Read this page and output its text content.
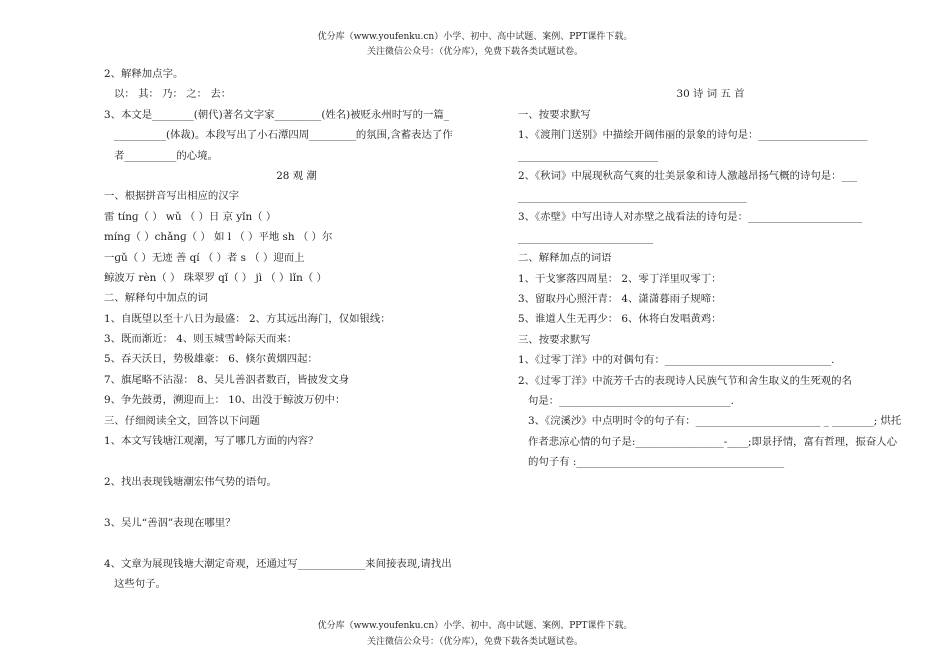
优分库（www.youfenku.cn）小学、初中、高中试题、案例、PPT课件下载。
关注微信公众号：（优分库），免费下载各类试题试卷。
2、解释加点字。
以： 其： 乃： 之： 去：
3、本文是________(朝代)著名文字家_________(姓名)被贬永州时写的一篇_
__________(体裁)。本段写出了小石潭四周_________的氛围,含蓄表达了作
者__________的心境。
28 观 潮
一、根据拼音写出相应的汉字
雷 tínɡ（ ） wǔ （ ）日 京 yǐn（ ）
mínɡ（ ）chǎnɡ（ ） 如 l （ ）平地 sh （ ）尔
一ɡǔ（ ）无迹 善 qí （ ）者 s （ ）迎而上
鲸波万 rèn（ ） 珠翠罗 qǐ（ ） jì （ ）lǐn（ ）
二、解释句中加点的词
1、自既望以至十八日为最盛： 2、方其远出海门，仅如银线：
3、既而渐近： 4、则玉城雪岭际天而来：
5、吞天沃日，势极雄豪： 6、倏尔黄烟四起：
7、旗尾略不沾湿： 8、吴儿善泅者数百，皆披发文身
9、争先鼓勇，溯迎而上： 10、出没于鲸波万仞中：
三、仔细阅读全文，回答以下问题
1、本文写钱塘江观潮，写了哪几方面的内容？
2、找出表现钱塘潮宏伟气势的语句。
3、吴儿“善泅”表现在哪里？
4、文章为展现钱塘大潮定奇观，还通过写_____________来间接表现,请找出
这些句子。
30 诗 词 五 首
一、按要求默写
1、《渡荆门送别》中描绘开阔伟丽的景象的诗句是：_____________________ ___________________________
2、《秋词》中展现秋高气爽的壮美景象和诗人激越昂扬气概的诗句是：___ ____________________________________________
3、《赤壁》中写出诗人对赤壁之战看法的诗句是：______________________ __________________________
二、解释加点的词语
1、干戈寥落四周星： 2、零丁洋里叹零丁：
3、留取丹心照汗青： 4、潇潇暮雨子规啼：
5、谁道人生无再少： 6、休将白发唱黄鸡：
三、按要求默写
1、《过零丁洋》中的对偶句有：________________________________.
2、《过零丁洋》中流芳千古的表现诗人民族气节和舍生取义的生死观的名
句是：_________________________________.
3、《浣溪沙》中点明时令的句子有：________________________ _ ________; 烘托作者悲凉心情的句子是:_________________-____;即景抒情，富有哲理，振奋人心的句子有 :________________________________________
优分库（www.youfenku.cn）小学、初中、高中试题、案例、PPT课件下载。
关注微信公众号：（优分库），免费下载各类试题试卷。
